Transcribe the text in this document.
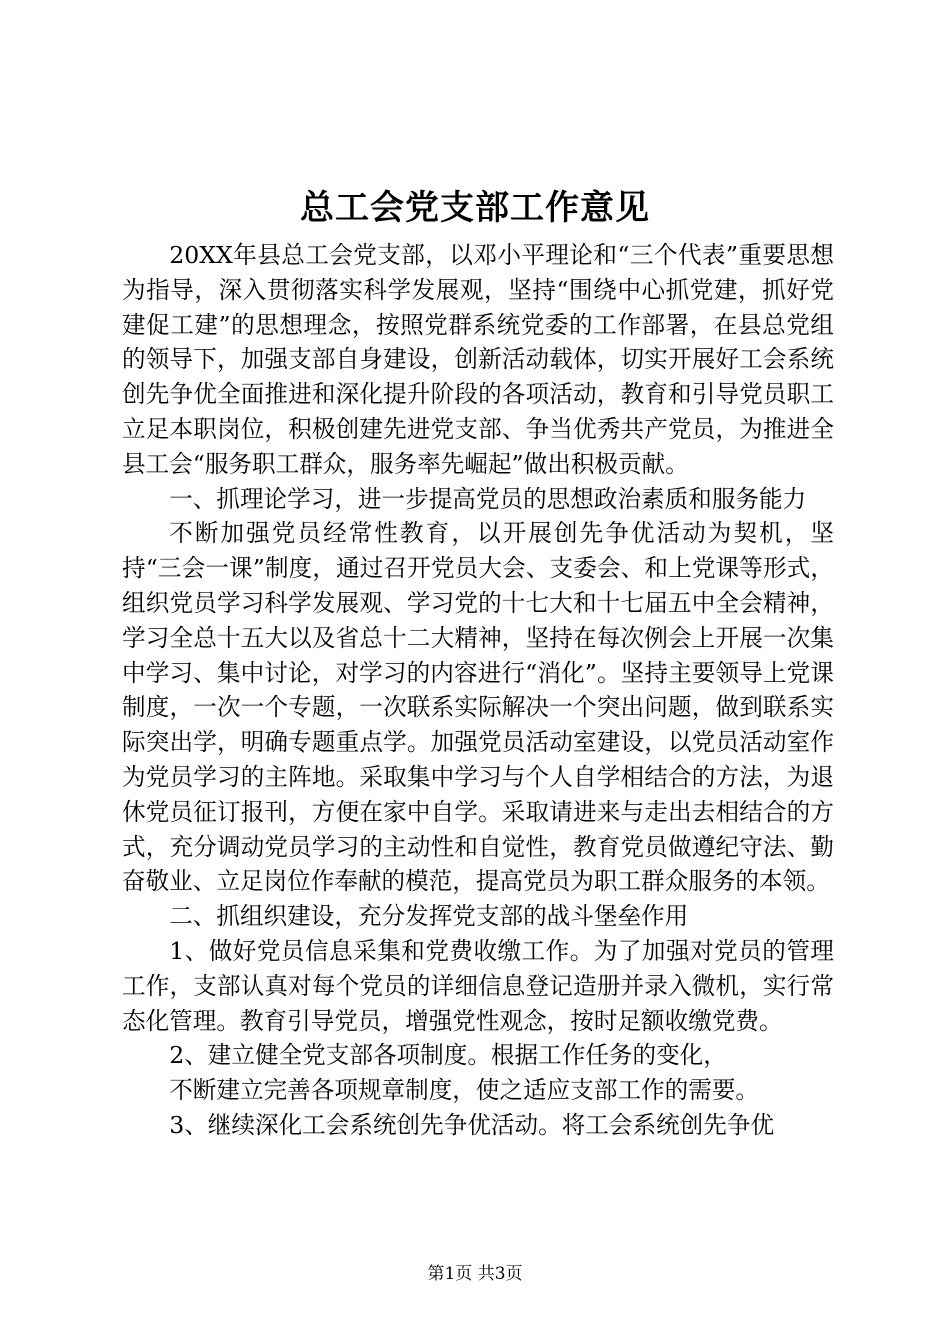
总工会党支部工作意见

20XX年县总工会党支部，以邓小平理论和“三个代表”重要思想为指导，深入贯彻落实科学发展观，坚持“围绕中心抓党建，抓好党建促工建”的思想理念，按照党群系统党委的工作部署，在县总党组的领导下，加强支部自身建设，创新活动载体，切实开展好工会系统创先争优全面推进和深化提升阶段的各项活动，教育和引导党员职工立足本职岗位，积极创建先进党支部、争当优秀共产党员，为推进全县工会“服务职工群众，服务率先崛起”做出积极贡献。

一、抓理论学习，进一步提高党员的思想政治素质和服务能力

不断加强党员经常性教育，以开展创先争优活动为契机，坚持“三会一课”制度，通过召开党员大会、支委会、和上党课等形式，组织党员学习科学发展观、学习党的十七大和十七届五中全会精神，学习全总十五大以及省总十二大精神，坚持在每次例会上开展一次集中学习、集中讨论，对学习的内容进行“消化”。坚持主要领导上党课制度，一次一个专题，一次联系实际解决一个突出问题，做到联系实际突出学，明确专题重点学。加强党员活动室建设，以党员活动室作为党员学习的主阵地。采取集中学习与个人自学相结合的方法，为退休党员征订报刊，方便在家中自学。采取请进来与走出去相结合的方式，充分调动党员学习的主动性和自觉性，教育党员做遵纪守法、勤奋敬业、立足岗位作奉献的模范，提高党员为职工群众服务的本领。

二、抓组织建设，充分发挥党支部的战斗堡垒作用

1、做好党员信息采集和党费收缴工作。为了加强对党员的管理工作，支部认真对每个党员的详细信息登记造册并录入微机，实行常态化管理。教育引导党员，增强党性观念，按时足额收缴党费。

2、建立健全党支部各项制度。根据工作任务的变化，

不断建立完善各项规章制度，使之适应支部工作的需要。

3、继续深化工会系统创先争优活动。将工会系统创先争优

第1页 共3页
